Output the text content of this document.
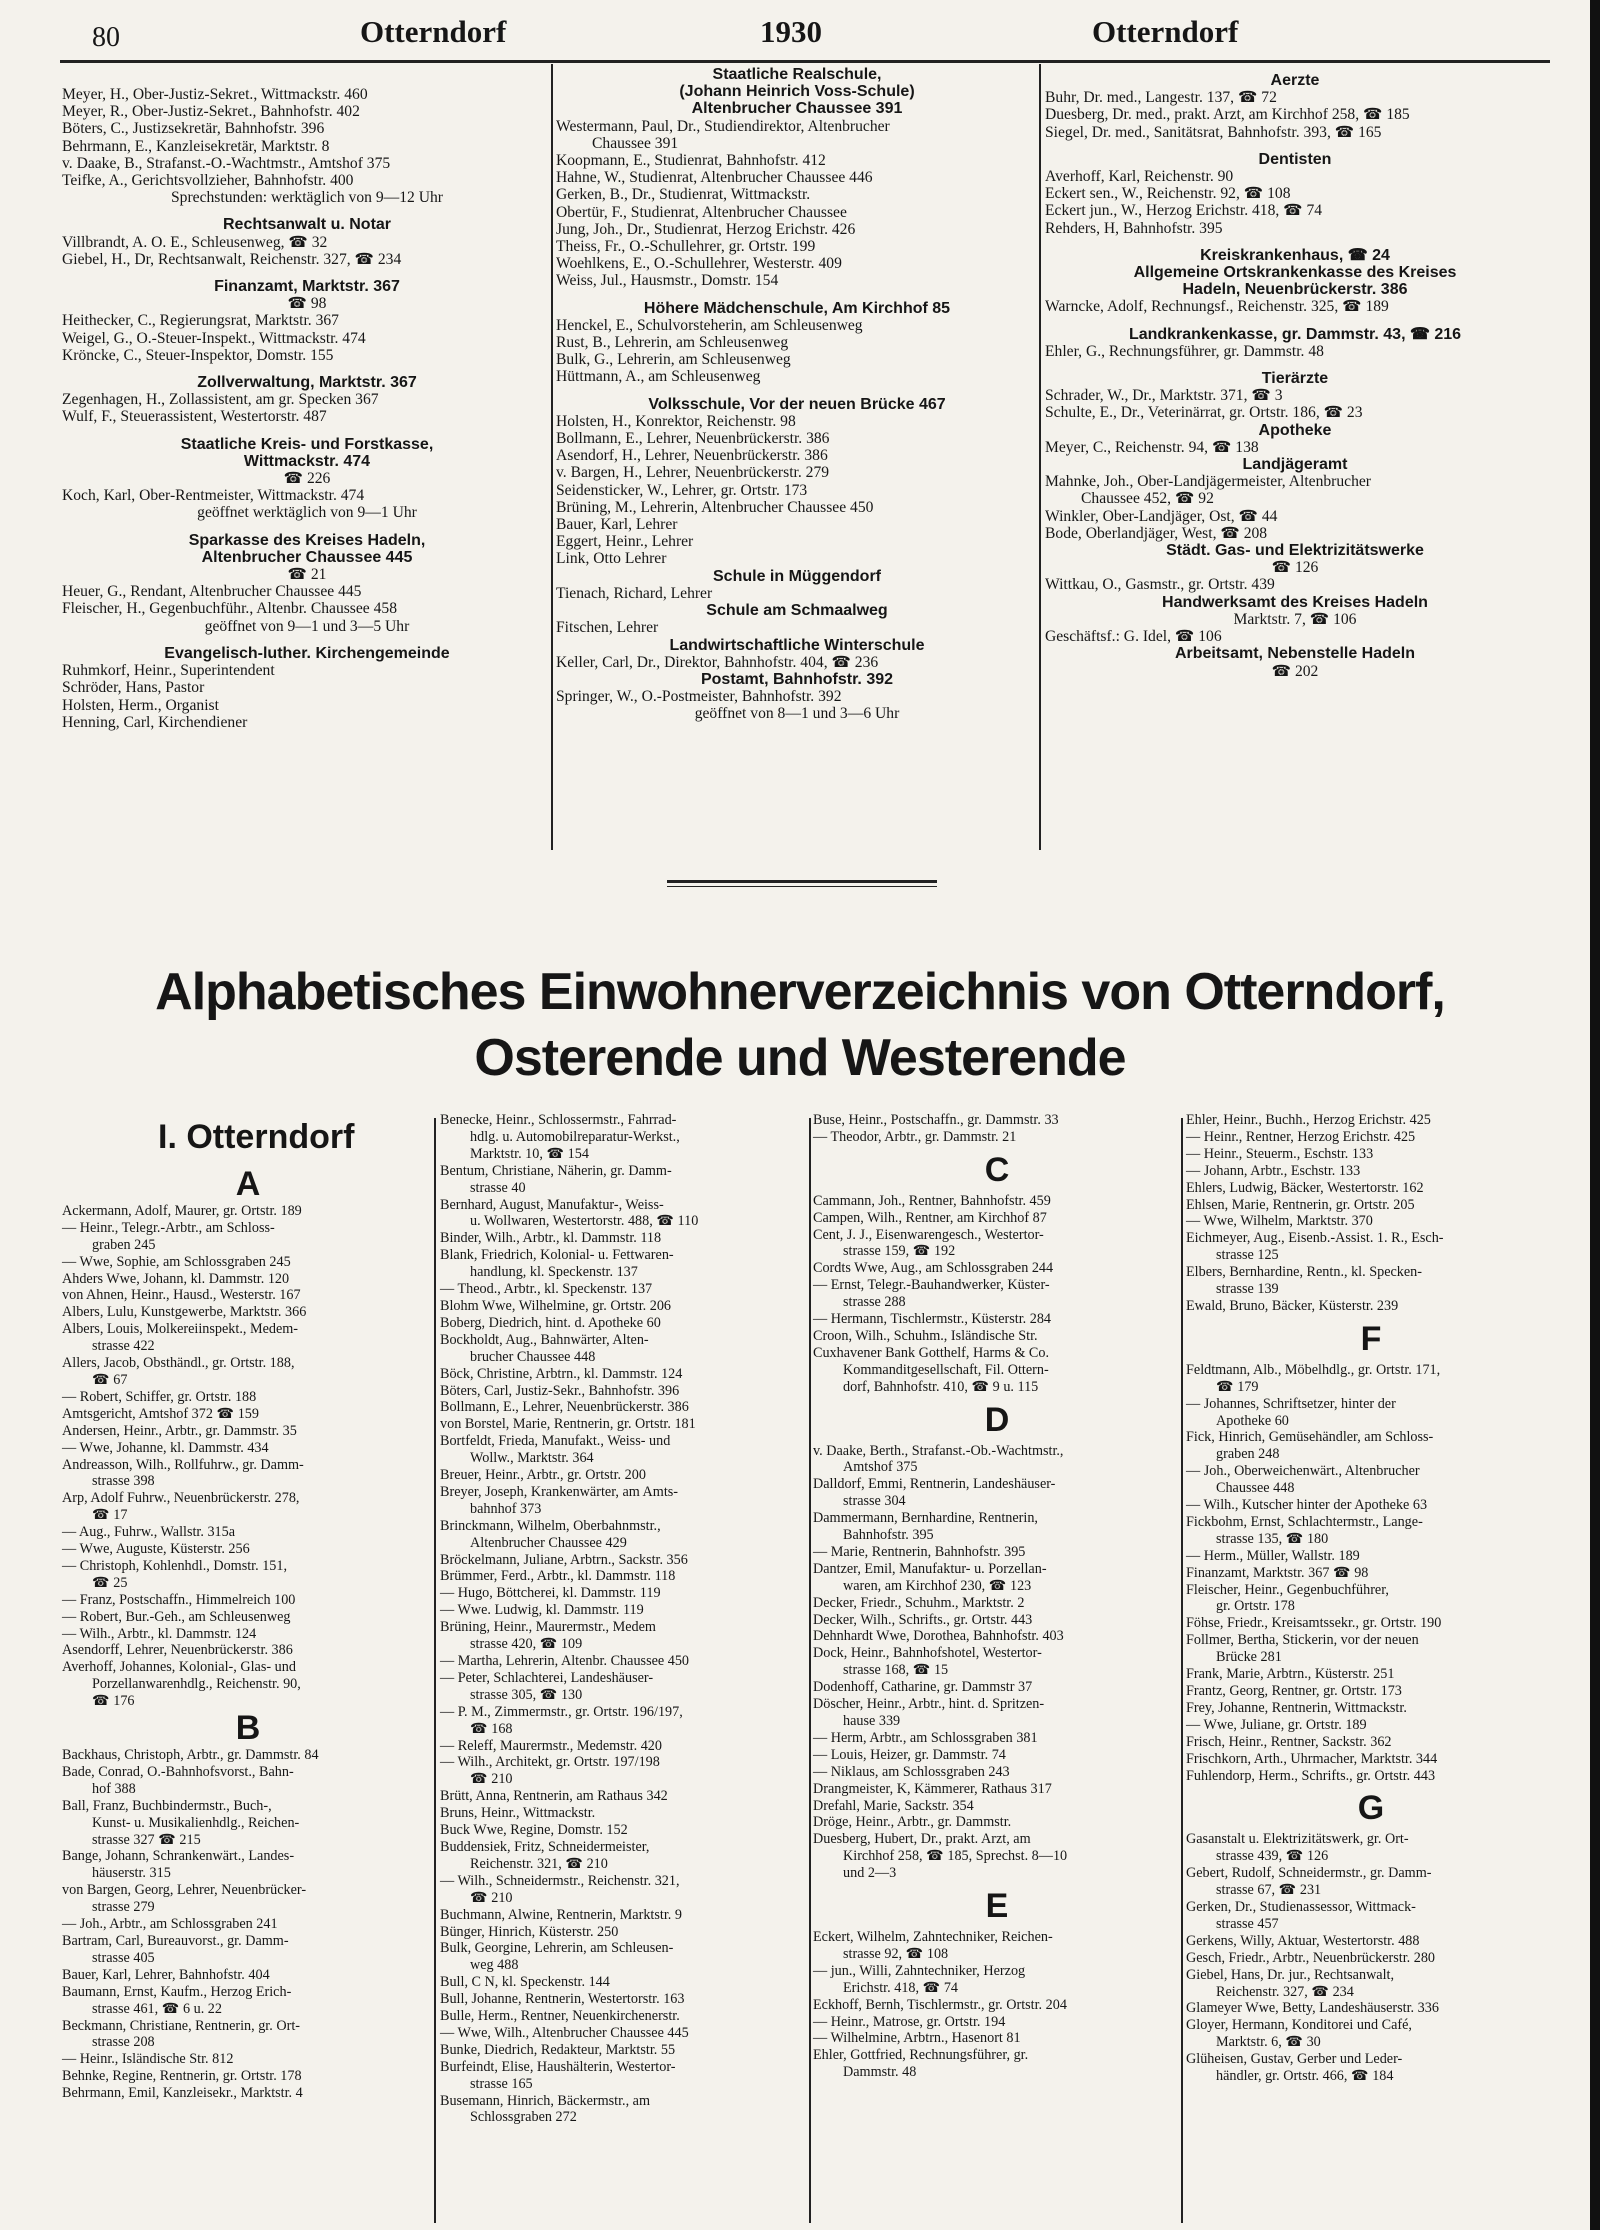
80	Otterndorf	1930	Otterndorf
Meyer, H., Ober-Justiz-Sekret., Wittmackstr. 460
Meyer, R., Ober-Justiz-Sekret., Bahnhofstr. 402
Böters, C., Justizsekretär, Bahnhofstr. 396
Behrmann, E., Kanzleisekretär, Marktstr. 8
v. Daake, B., Strafanst.-O.-Wachtmstr., Amtshof 375
Teifke, A., Gerichtsvollzieher, Bahnhofstr. 400
Sprechstunden: werktäglich von 9—12 Uhr
Rechtsanwalt u. Notar
Villbrandt, A. O. E., Schleusenweg, ☎ 32
Giebel, H., Dr, Rechtsanwalt, Reichenstr. 327, ☎ 234
Finanzamt, Marktstr. 367
☎ 98
Heithecker, C., Regierungsrat, Marktstr. 367
Weigel, G., O.-Steuer-Inspekt., Wittmackstr. 474
Kröncke, C., Steuer-Inspektor, Domstr. 155
Zollverwaltung, Marktstr. 367
Zegenhagen, H., Zollassistent, am gr. Specken 367
Wulf, F., Steuerassistent, Westertorstr. 487
Staatliche Kreis- und Forstkasse,
Wittmackstr. 474
☎ 226
Koch, Karl, Ober-Rentmeister, Wittmackstr. 474
geöffnet werktäglich von 9—1 Uhr
Sparkasse des Kreises Hadeln,
Altenbrucher Chaussee 445
☎ 21
Heuer, G., Rendant, Altenbrucher Chaussee 445
Fleischer, H., Gegenbuchführ., Altenbr. Chaussee 458
geöffnet von 9—1 und 3—5 Uhr
Evangelisch-luther. Kirchengemeinde
Ruhmkorf, Heinr., Superintendent
Schröder, Hans, Pastor
Holsten, Herm., Organist
Henning, Carl, Kirchendiener
Staatliche Realschule,
(Johann Heinrich Voss-Schule)
Altenbrucher Chaussee 391
Westermann, Paul, Dr., Studiendirektor, Altenbrucher
Chaussee 391
Koopmann, E., Studienrat, Bahnhofstr. 412
Hahne, W., Studienrat, Altenbrucher Chaussee 446
Gerken, B., Dr., Studienrat, Wittmackstr.
Obertür, F., Studienrat, Altenbrucher Chaussee
Jung, Joh., Dr., Studienrat, Herzog Erichstr. 426
Theiss, Fr., O.-Schullehrer, gr. Ortstr. 199
Woehlkens, E., O.-Schullehrer, Westerstr. 409
Weiss, Jul., Hausmstr., Domstr. 154
Höhere Mädchenschule, Am Kirchhof 85
Henckel, E., Schulvorsteherin, am Schleusenweg
Rust, B., Lehrerin, am Schleusenweg
Bulk, G., Lehrerin, am Schleusenweg
Hüttmann, A., am Schleusenweg
Volksschule, Vor der neuen Brücke 467
Holsten, H., Konrektor, Reichenstr. 98
Bollmann, E., Lehrer, Neuenbrückerstr. 386
Asendorf, H., Lehrer, Neuenbrückerstr. 386
v. Bargen, H., Lehrer, Neuenbrückerstr. 279
Seidensticker, W., Lehrer, gr. Ortstr. 173
Brüning, M., Lehrerin, Altenbrucher Chaussee 450
Bauer, Karl, Lehrer
Eggert, Heinr., Lehrer
Link, Otto Lehrer
Schule in Müggendorf
Tienach, Richard, Lehrer
Schule am Schmaalweg
Fitschen, Lehrer
Landwirtschaftliche Winterschule
Keller, Carl, Dr., Direktor, Bahnhofstr. 404, ☎ 236
Postamt, Bahnhofstr. 392
Springer, W., O.-Postmeister, Bahnhofstr. 392
geöffnet von 8—1 und 3—6 Uhr
Aerzte
Buhr, Dr. med., Langestr. 137, ☎ 72
Duesberg, Dr. med., prakt. Arzt, am Kirchhof 258, ☎ 185
Siegel, Dr. med., Sanitätsrat, Bahnhofstr. 393, ☎ 165
Dentisten
Averhoff, Karl, Reichenstr. 90
Eckert sen., W., Reichenstr. 92, ☎ 108
Eckert jun., W., Herzog Erichstr. 418, ☎ 74
Rehders, H, Bahnhofstr. 395
Kreiskrankenhaus, ☎ 24
Allgemeine Ortskrankenkasse des Kreises
Hadeln, Neuenbrückerstr. 386
Warncke, Adolf, Rechnungsf., Reichenstr. 325, ☎ 189
Landkrankenkasse, gr. Dammstr. 43, ☎ 216
Ehler, G., Rechnungsführer, gr. Dammstr. 48
Tierärzte
Schrader, W., Dr., Marktstr. 371, ☎ 3
Schulte, E., Dr., Veterinärrat, gr. Ortstr. 186, ☎ 23
Apotheke
Meyer, C., Reichenstr. 94, ☎ 138
Landjägeramt
Mahnke, Joh., Ober-Landjägermeister, Altenbrucher
Chaussee 452, ☎ 92
Winkler, Ober-Landjäger, Ost, ☎ 44
Bode, Oberlandjäger, West, ☎ 208
Städt. Gas- und Elektrizitätswerke
☎ 126
Wittkau, O., Gasmstr., gr. Ortstr. 439
Handwerksamt des Kreises Hadeln
Marktstr. 7, ☎ 106
Geschäftsf.: G. Idel, ☎ 106
Arbeitsamt, Nebenstelle Hadeln
☎ 202
Alphabetisches Einwohnerverzeichnis von Otterndorf,
Osterende und Westerende
I. Otterndorf
A
Ackermann, Adolf, Maurer, gr. Ortstr. 189
— Heinr., Telegr.-Arbtr., am Schloss-
graben 245
— Wwe, Sophie, am Schlossgraben 245
Ahders Wwe, Johann, kl. Dammstr. 120
von Ahnen, Heinr., Hausd., Westerstr. 167
Albers, Lulu, Kunstgewerbe, Marktstr. 366
Albers, Louis, Molkereiinspekt., Medem-
strasse 422
Allers, Jacob, Obsthändl., gr. Ortstr. 188,
☎ 67
— Robert, Schiffer, gr. Ortstr. 188
Amtsgericht, Amtshof 372 ☎ 159
Andersen, Heinr., Arbtr., gr. Dammstr. 35
— Wwe, Johanne, kl. Dammstr. 434
Andreasson, Wilh., Rollfuhrw., gr. Damm-
strasse 398
Arp, Adolf Fuhrw., Neuenbrückerstr. 278,
☎ 17
— Aug., Fuhrw., Wallstr. 315a
— Wwe, Auguste, Küsterstr. 256
— Christoph, Kohlenhdl., Domstr. 151,
☎ 25
— Franz, Postschaffn., Himmelreich 100
— Robert, Bur.-Geh., am Schleusenweg
— Wilh., Arbtr., kl. Dammstr. 124
Asendorff, Lehrer, Neuenbrückerstr. 386
Averhoff, Johannes, Kolonial-, Glas- und
Porzellanwarenhdlg., Reichenstr. 90,
☎ 176
B
Backhaus, Christoph, Arbtr., gr. Dammstr. 84
Bade, Conrad, O.-Bahnhofsvorst., Bahn-
hof 388
Ball, Franz, Buchbindermstr., Buch-,
Kunst- u. Musikalienhdlg., Reichen-
strasse 327 ☎ 215
Bange, Johann, Schrankenwärt., Landes-
häuserstr. 315
von Bargen, Georg, Lehrer, Neuenbrücker-
strasse 279
— Joh., Arbtr., am Schlossgraben 241
Bartram, Carl, Bureauvorst., gr. Damm-
strasse 405
Bauer, Karl, Lehrer, Bahnhofstr. 404
Baumann, Ernst, Kaufm., Herzog Erich-
strasse 461, ☎ 6 u. 22
Beckmann, Christiane, Rentnerin, gr. Ort-
strasse 208
— Heinr., Isländische Str. 812
Behnke, Regine, Rentnerin, gr. Ortstr. 178
Behrmann, Emil, Kanzleisekr., Marktstr. 4
Benecke, Heinr., Schlossermstr., Fahrrad-
hdlg. u. Automobilreparatur-Werkst.,
Marktstr. 10, ☎ 154
Bentum, Christiane, Näherin, gr. Damm-
strasse 40
Bernhard, August, Manufaktur-, Weiss-
u. Wollwaren, Westertorstr. 488, ☎ 110
Binder, Wilh., Arbtr., kl. Dammstr. 118
Blank, Friedrich, Kolonial- u. Fettwaren-
handlung, kl. Speckenstr. 137
— Theod., Arbtr., kl. Speckenstr. 137
Blohm Wwe, Wilhelmine, gr. Ortstr. 206
Boberg, Diedrich, hint. d. Apotheke 60
Bockholdt, Aug., Bahnwärter, Alten-
brucher Chaussee 448
Böck, Christine, Arbtrn., kl. Dammstr. 124
Böters, Carl, Justiz-Sekr., Bahnhofstr. 396
Bollmann, E., Lehrer, Neuenbrückerstr. 386
von Borstel, Marie, Rentnerin, gr. Ortstr. 181
Bortfeldt, Frieda, Manufakt., Weiss- und
Wollw., Marktstr. 364
Breuer, Heinr., Arbtr., gr. Ortstr. 200
Breyer, Joseph, Krankenwärter, am Amts-
bahnhof 373
Brinckmann, Wilhelm, Oberbahnmstr.,
Altenbrucher Chaussee 429
Bröckelmann, Juliane, Arbtrn., Sackstr. 356
Brümmer, Ferd., Arbtr., kl. Dammstr. 118
— Hugo, Böttcherei, kl. Dammstr. 119
— Wwe. Ludwig, kl. Dammstr. 119
Brüning, Heinr., Maurermstr., Medem
strasse 420, ☎ 109
— Martha, Lehrerin, Altenbr. Chaussee 450
— Peter, Schlachterei, Landeshäuser-
strasse 305, ☎ 130
— P. M., Zimmermstr., gr. Ortstr. 196/197,
☎ 168
— Releff, Maurermstr., Medemstr. 420
— Wilh., Architekt, gr. Ortstr. 197/198
☎ 210
Brütt, Anna, Rentnerin, am Rathaus 342
Bruns, Heinr., Wittmackstr.
Buck Wwe, Regine, Domstr. 152
Buddensiek, Fritz, Schneidermeister,
Reichenstr. 321, ☎ 210
— Wilh., Schneidermstr., Reichenstr. 321,
☎ 210
Buchmann, Alwine, Rentnerin, Marktstr. 9
Bünger, Hinrich, Küsterstr. 250
Bulk, Georgine, Lehrerin, am Schleusen-
weg 488
Bull, C N, kl. Speckenstr. 144
Bull, Johanne, Rentnerin, Westertorstr. 163
Bulle, Herm., Rentner, Neuenkirchenerstr.
— Wwe, Wilh., Altenbrucher Chaussee 445
Bunke, Diedrich, Redakteur, Marktstr. 55
Burfeindt, Elise, Haushälterin, Westertor-
strasse 165
Busemann, Hinrich, Bäckermstr., am
Schlossgraben 272
Buse, Heinr., Postschaffn., gr. Dammstr. 33
— Theodor, Arbtr., gr. Dammstr. 21
C
Cammann, Joh., Rentner, Bahnhofstr. 459
Campen, Wilh., Rentner, am Kirchhof 87
Cent, J. J., Eisenwarengesch., Westertor-
strasse 159, ☎ 192
Cordts Wwe, Aug., am Schlossgraben 244
— Ernst, Telegr.-Bauhandwerker, Küster-
strasse 288
— Hermann, Tischlermstr., Küsterstr. 284
Croon, Wilh., Schuhm., Isländische Str.
Cuxhavener Bank Gotthelf, Harms & Co.
Kommanditgesellschaft, Fil. Ottern-
dorf, Bahnhofstr. 410, ☎ 9 u. 115
D
v. Daake, Berth., Strafanst.-Ob.-Wachtmstr.,
Amtshof 375
Dalldorf, Emmi, Rentnerin, Landeshäuser-
strasse 304
Dammermann, Bernhardine, Rentnerin,
Bahnhofstr. 395
— Marie, Rentnerin, Bahnhofstr. 395
Dantzer, Emil, Manufaktur- u. Porzellan-
waren, am Kirchhof 230, ☎ 123
Decker, Friedr., Schuhm., Marktstr. 2
Decker, Wilh., Schrifts., gr. Ortstr. 443
Dehnhardt Wwe, Dorothea, Bahnhofstr. 403
Dock, Heinr., Bahnhofshotel, Westertor-
strasse 168, ☎ 15
Dodenhoff, Catharine, gr. Dammstr 37
Döscher, Heinr., Arbtr., hint. d. Spritzen-
hause 339
— Herm, Arbtr., am Schlossgraben 381
— Louis, Heizer, gr. Dammstr. 74
— Niklaus, am Schlossgraben 243
Drangmeister, K, Kämmerer, Rathaus 317
Drefahl, Marie, Sackstr. 354
Dröge, Heinr., Arbtr., gr. Dammstr.
Duesberg, Hubert, Dr., prakt. Arzt, am
Kirchhof 258, ☎ 185, Sprechst. 8—10
und 2—3
E
Eckert, Wilhelm, Zahntechniker, Reichen-
strasse 92, ☎ 108
— jun., Willi, Zahntechniker, Herzog
Erichstr. 418, ☎ 74
Eckhoff, Bernh, Tischlermstr., gr. Ortstr. 204
— Heinr., Matrose, gr. Ortstr. 194
— Wilhelmine, Arbtrn., Hasenort 81
Ehler, Gottfried, Rechnungsführer, gr.
Dammstr. 48
Ehler, Heinr., Buchh., Herzog Erichstr. 425
— Heinr., Rentner, Herzog Erichstr. 425
— Heinr., Steuerm., Eschstr. 133
— Johann, Arbtr., Eschstr. 133
Ehlers, Ludwig, Bäcker, Westertorstr. 162
Ehlsen, Marie, Rentnerin, gr. Ortstr. 205
— Wwe, Wilhelm, Marktstr. 370
Eichmeyer, Aug., Eisenb.-Assist. 1. R., Esch-
strasse 125
Elbers, Bernhardine, Rentn., kl. Specken-
strasse 139
Ewald, Bruno, Bäcker, Küsterstr. 239
F
Feldtmann, Alb., Möbelhdlg., gr. Ortstr. 171,
☎ 179
— Johannes, Schriftsetzer, hinter der
Apotheke 60
Fick, Hinrich, Gemüsehändler, am Schloss-
graben 248
— Joh., Oberweichenwärt., Altenbrucher
Chaussee 448
— Wilh., Kutscher hinter der Apotheke 63
Fickbohm, Ernst, Schlachtermstr., Lange-
strasse 135, ☎ 180
— Herm., Müller, Wallstr. 189
Finanzamt, Marktstr. 367 ☎ 98
Fleischer, Heinr., Gegenbuchführer,
gr. Ortstr. 178
Föhse, Friedr., Kreisamtssekr., gr. Ortstr. 190
Follmer, Bertha, Stickerin, vor der neuen
Brücke 281
Frank, Marie, Arbtrn., Küsterstr. 251
Frantz, Georg, Rentner, gr. Ortstr. 173
Frey, Johanne, Rentnerin, Wittmackstr.
— Wwe, Juliane, gr. Ortstr. 189
Frisch, Heinr., Rentner, Sackstr. 362
Frischkorn, Arth., Uhrmacher, Marktstr. 344
Fuhlendorp, Herm., Schrifts., gr. Ortstr. 443
G
Gasanstalt u. Elektrizitätswerk, gr. Ort-
strasse 439, ☎ 126
Gebert, Rudolf, Schneidermstr., gr. Damm-
strasse 67, ☎ 231
Gerken, Dr., Studienassessor, Wittmack-
strasse 457
Gerkens, Willy, Aktuar, Westertorstr. 488
Gesch, Friedr., Arbtr., Neuenbrückerstr. 280
Giebel, Hans, Dr. jur., Rechtsanwalt,
Reichenstr. 327, ☎ 234
Glameyer Wwe, Betty, Landeshäuserstr. 336
Gloyer, Hermann, Konditorei und Café,
Marktstr. 6, ☎ 30
Glüheisen, Gustav, Gerber und Leder-
händler, gr. Ortstr. 466, ☎ 184
